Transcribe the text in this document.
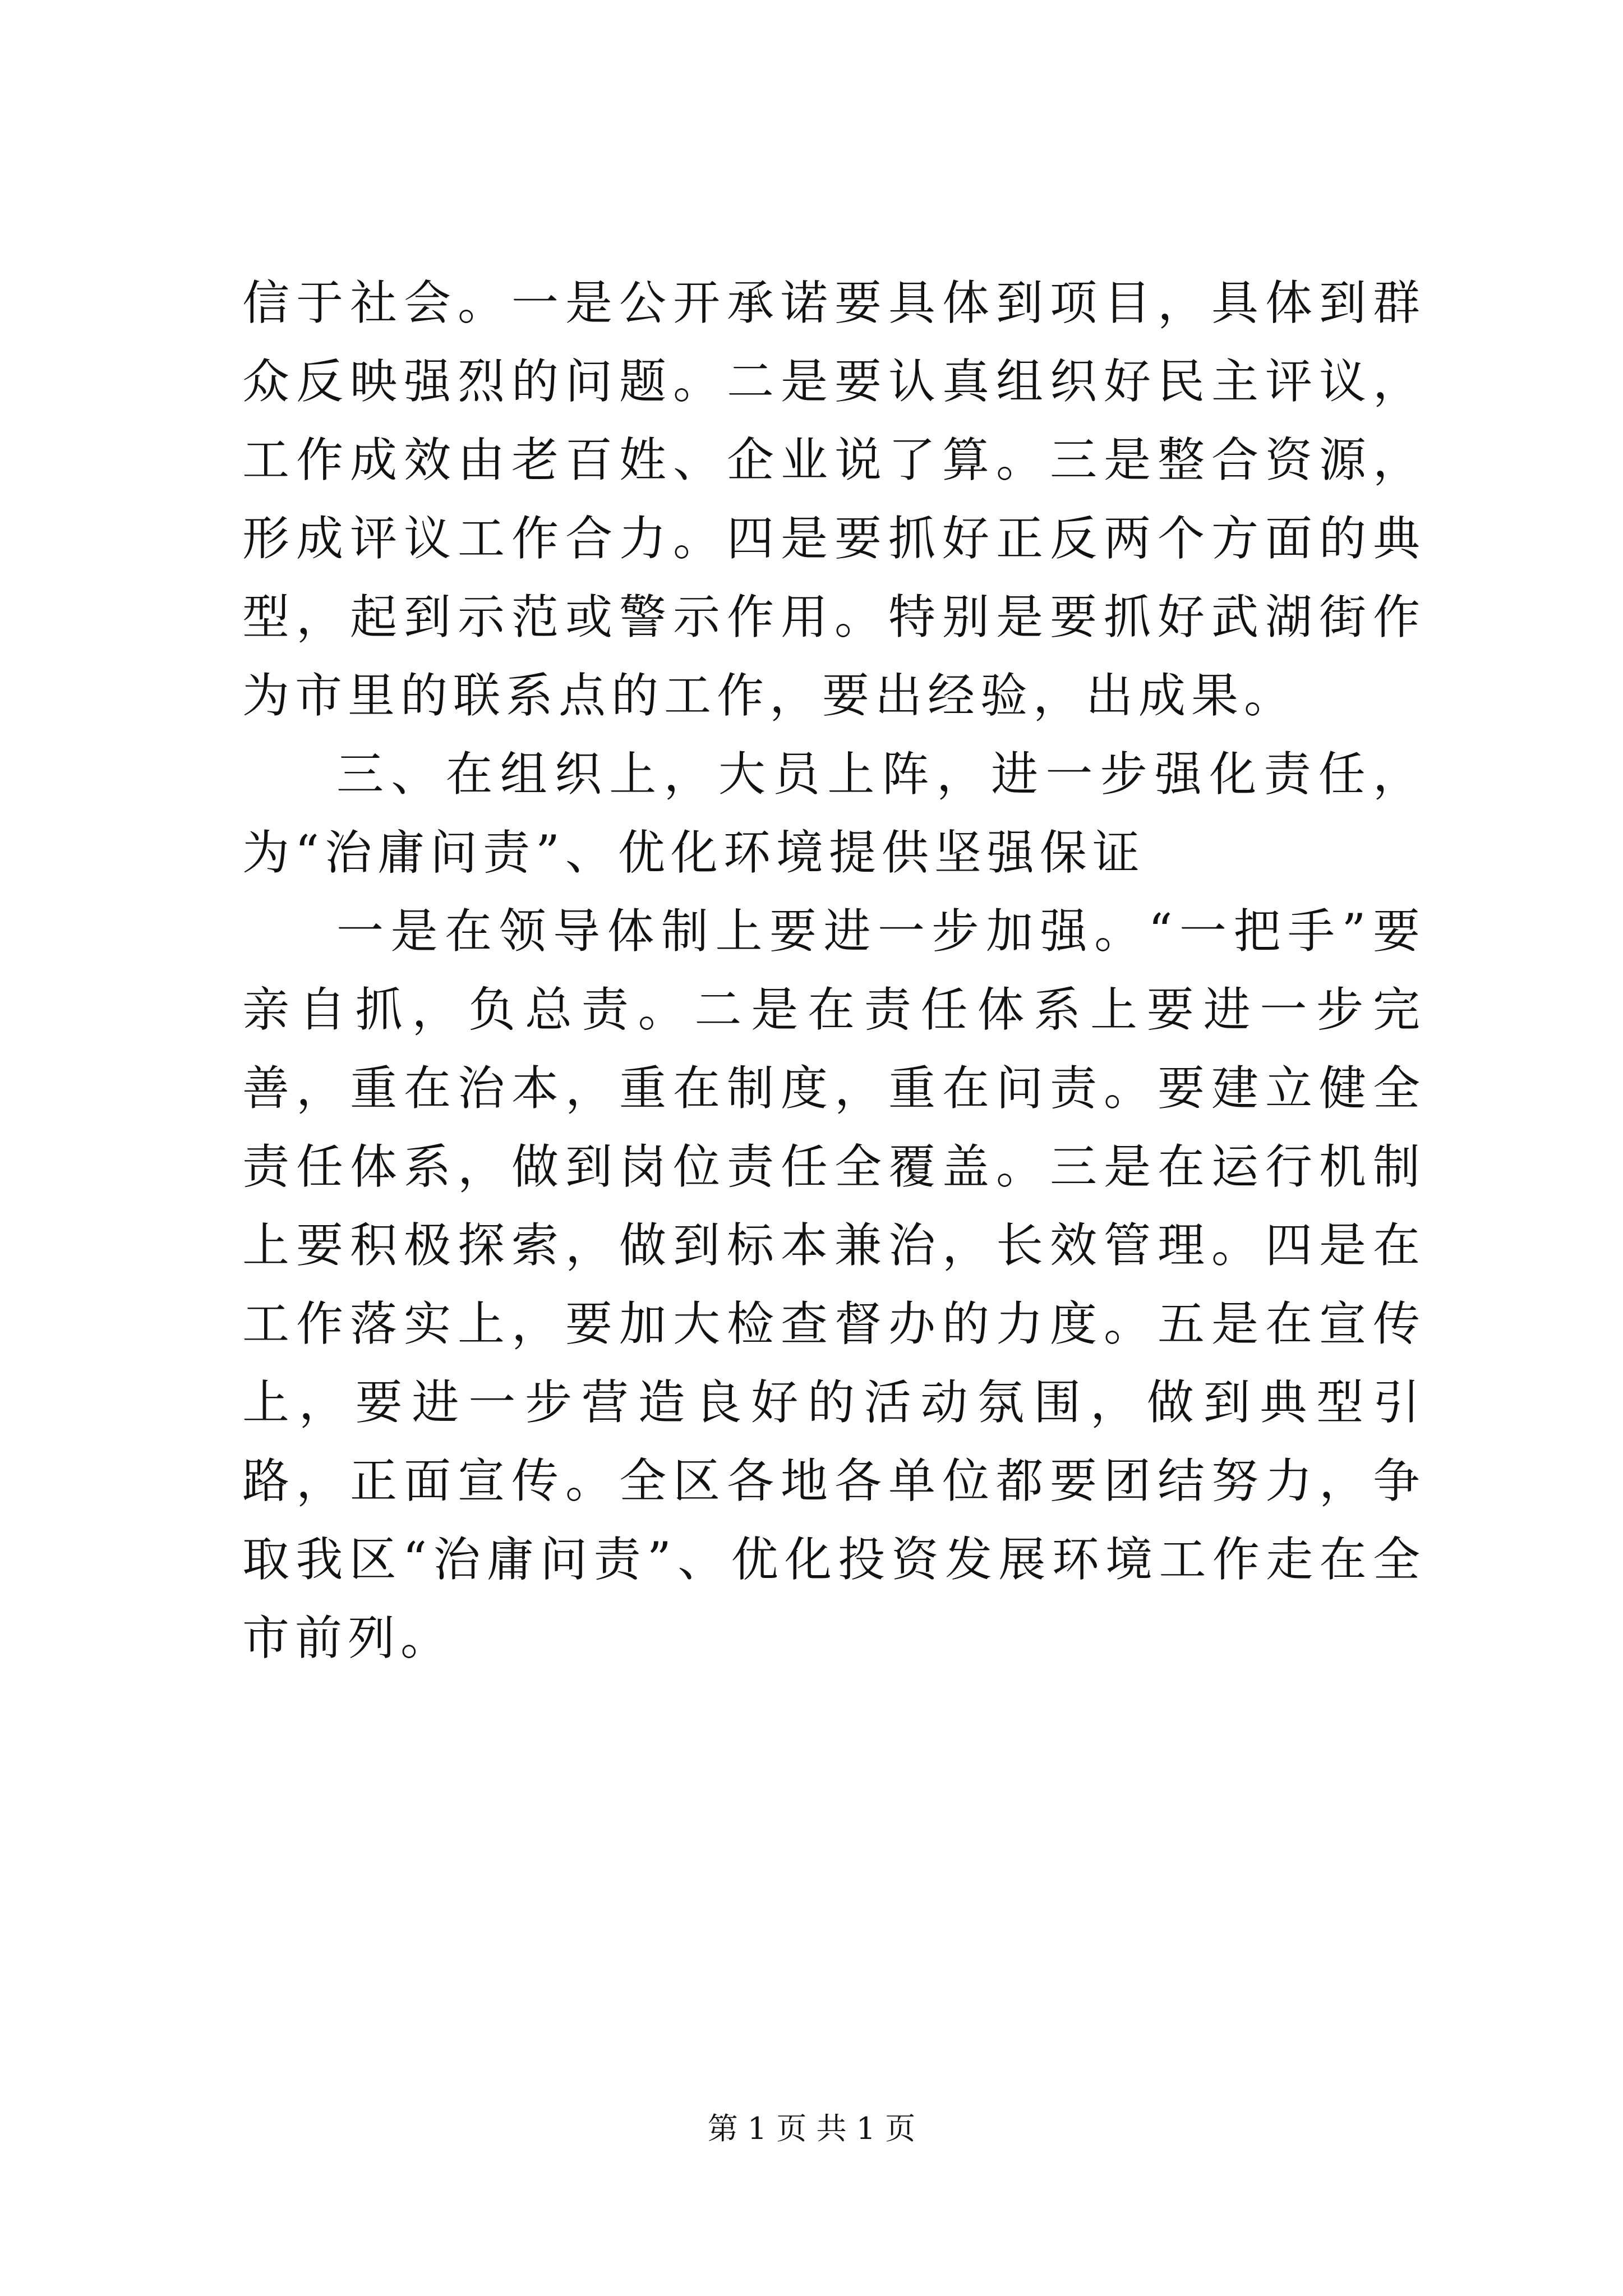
信于社会。一是公开承诺要具体到项目，具体到群众反映强烈的问题。二是要认真组织好民主评议，工作成效由老百姓、企业说了算。三是整合资源，形成评议工作合力。四是要抓好正反两个方面的典型，起到示范或警示作用。特别是要抓好武湖街作为市里的联系点的工作，要出经验，出成果。

三、在组织上，大员上阵，进一步强化责任，为“治庸问责”、优化环境提供坚强保证

一是在领导体制上要进一步加强。“一把手”要亲自抓，负总责。二是在责任体系上要进一步完善，重在治本，重在制度，重在问责。要建立健全责任体系，做到岗位责任全覆盖。三是在运行机制上要积极探索，做到标本兼治，长效管理。四是在工作落实上，要加大检查督办的力度。五是在宣传上，要进一步营造良好的活动氛围，做到典型引路，正面宣传。全区各地各单位都要团结努力，争取我区“治庸问责”、优化投资发展环境工作走在全市前列。

第 1 页 共 1 页
